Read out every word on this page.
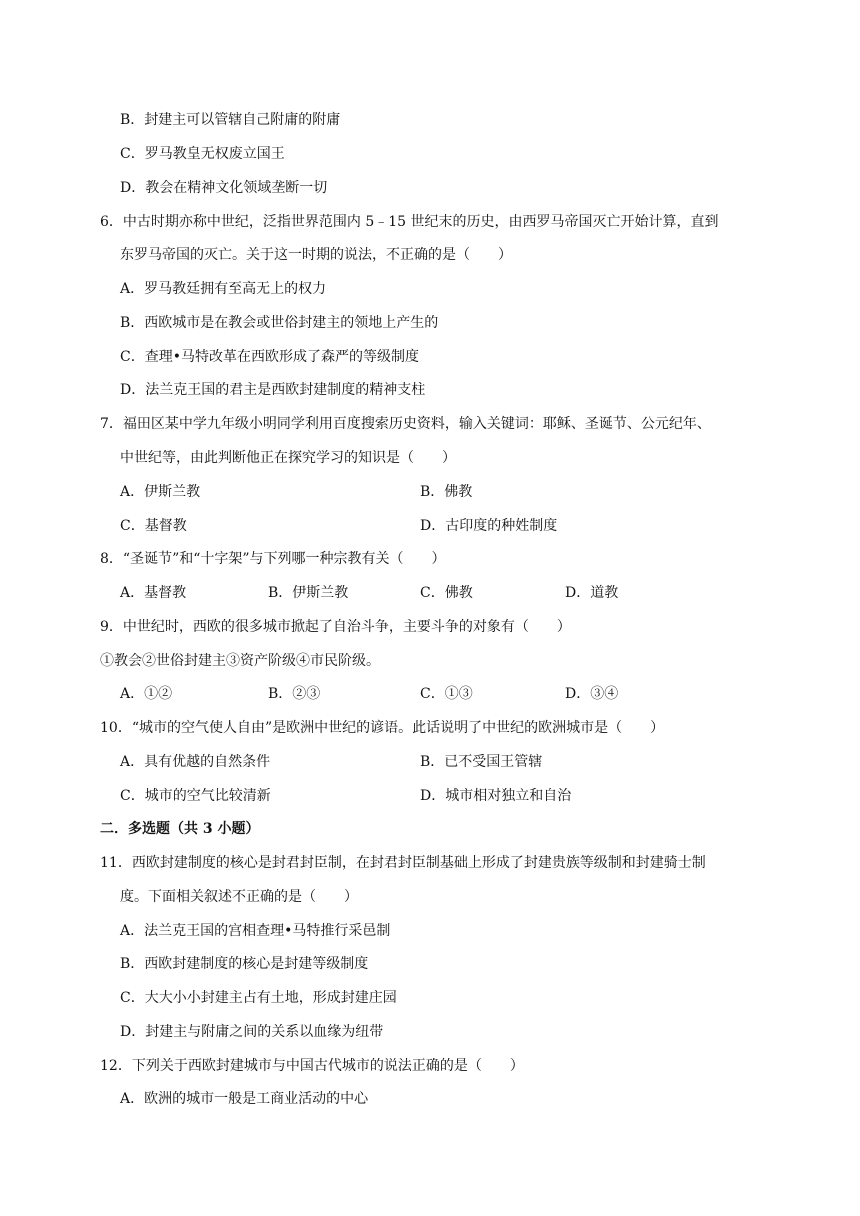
B．封建主可以管辖自己附庸的附庸
C．罗马教皇无权废立国王
D．教会在精神文化领域垄断一切
6．中古时期亦称中世纪，泛指世界范围内 5﹣15 世纪末的历史，由西罗马帝国灭亡开始计算，直到
东罗马帝国的灭亡。关于这一时期的说法，不正确的是（　　）
A．罗马教廷拥有至高无上的权力
B．西欧城市是在教会或世俗封建主的领地上产生的
C．查理•马特改革在西欧形成了森严的等级制度
D．法兰克王国的君主是西欧封建制度的精神支柱
7．福田区某中学九年级小明同学利用百度搜索历史资料，输入关键词：耶稣、圣诞节、公元纪年、
中世纪等，由此判断他正在探究学习的知识是（　　）
A．伊斯兰教	B．佛教
C．基督教	D．古印度的种姓制度
8．“圣诞节”和“十字架”与下列哪一种宗教有关（　　）
A．基督教	B．伊斯兰教	C．佛教	D．道教
9．中世纪时，西欧的很多城市掀起了自治斗争，主要斗争的对象有（　　）
①教会②世俗封建主③资产阶级④市民阶级。
A．①②	B．②③	C．①③	D．③④
10．“城市的空气使人自由”是欧洲中世纪的谚语。此话说明了中世纪的欧洲城市是（　　）
A．具有优越的自然条件	B．已不受国王管辖
C．城市的空气比较清新	D．城市相对独立和自治
二．多选题（共 3 小题）
11．西欧封建制度的核心是封君封臣制，在封君封臣制基础上形成了封建贵族等级制和封建骑士制
度。下面相关叙述不正确的是（　　）
A．法兰克王国的宫相查理•马特推行采邑制
B．西欧封建制度的核心是封建等级制度
C．大大小小封建主占有土地，形成封建庄园
D．封建主与附庸之间的关系以血缘为纽带
12．下列关于西欧封建城市与中国古代城市的说法正确的是（　　）
A．欧洲的城市一般是工商业活动的中心
